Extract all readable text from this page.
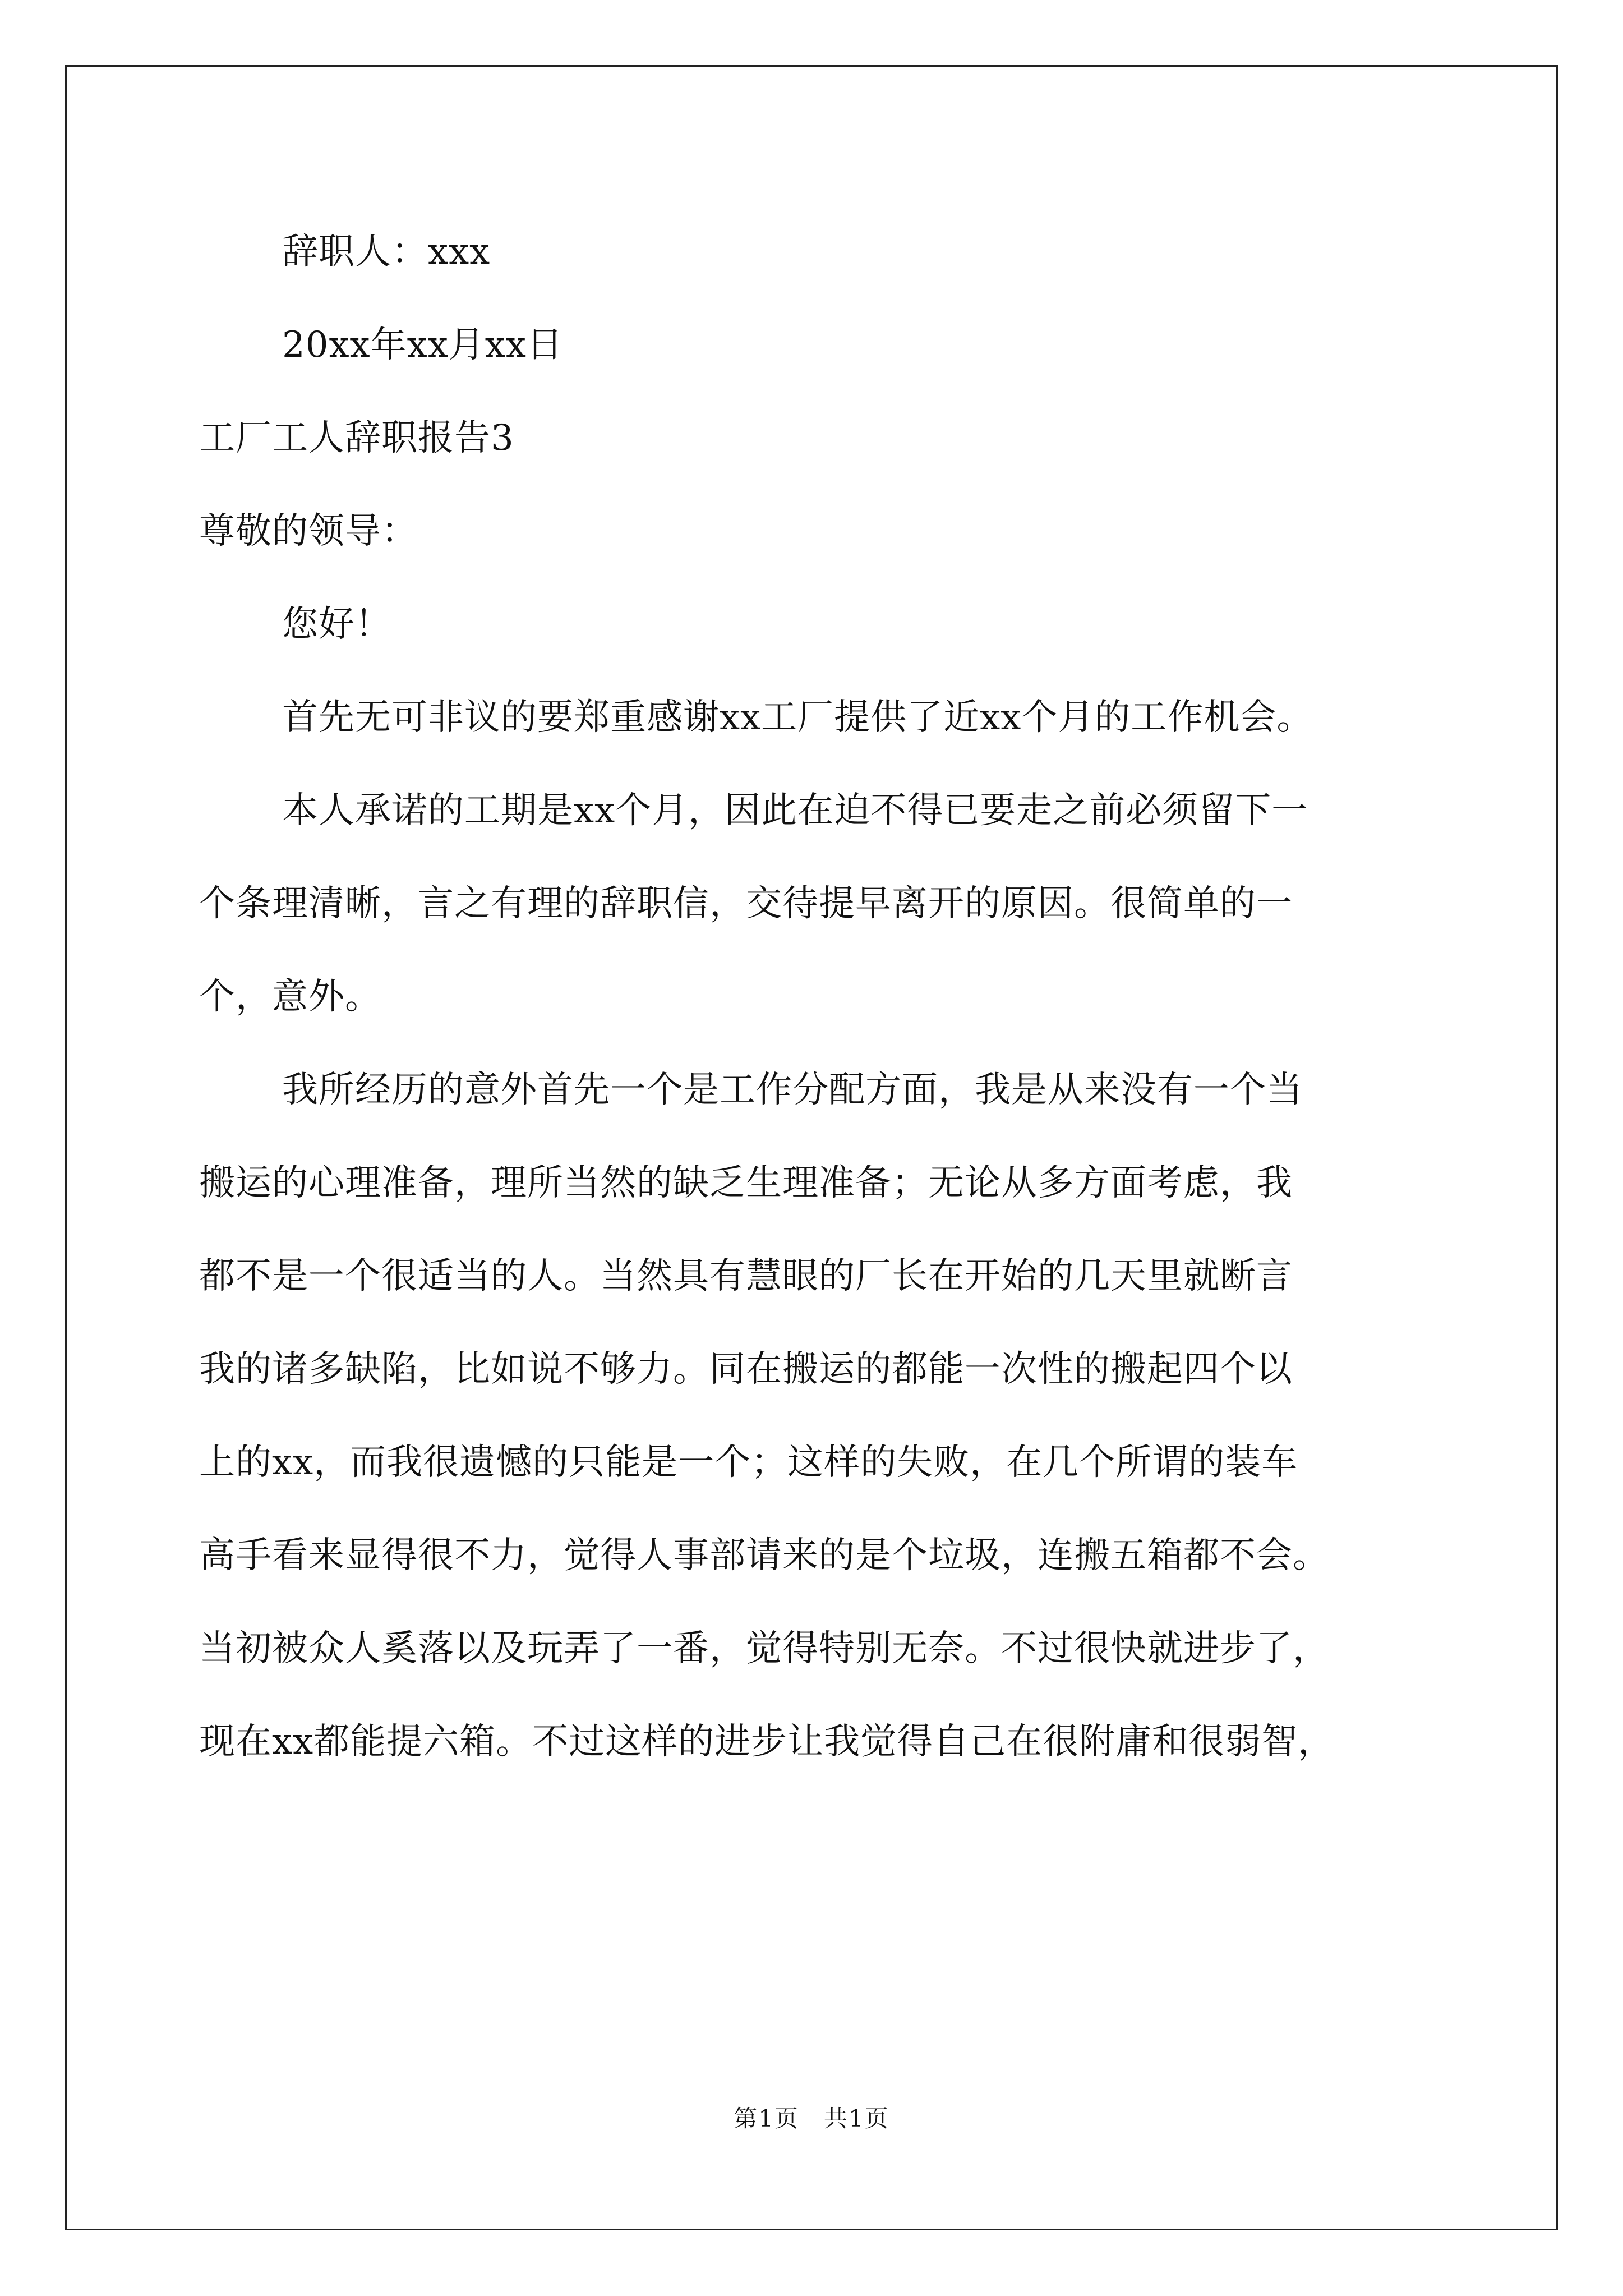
辞职人：xxx
20xx年xx月xx日
工厂工人辞职报告3
尊敬的领导：
您好！
首先无可非议的要郑重感谢xx工厂提供了近xx个月的工作机会。
本人承诺的工期是xx个月，因此在迫不得已要走之前必须留下一
个条理清晰，言之有理的辞职信，交待提早离开的原因。很简单的一
个，意外。
我所经历的意外首先一个是工作分配方面，我是从来没有一个当
搬运的心理准备，理所当然的缺乏生理准备；无论从多方面考虑，我
都不是一个很适当的人。当然具有慧眼的厂长在开始的几天里就断言
我的诸多缺陷，比如说不够力。同在搬运的都能一次性的搬起四个以
上的xx，而我很遗憾的只能是一个；这样的失败，在几个所谓的装车
高手看来显得很不力，觉得人事部请来的是个垃圾，连搬五箱都不会。
当初被众人奚落以及玩弄了一番，觉得特别无奈。不过很快就进步了，
现在xx都能提六箱。不过这样的进步让我觉得自己在很附庸和很弱智，
第1页　共1页
